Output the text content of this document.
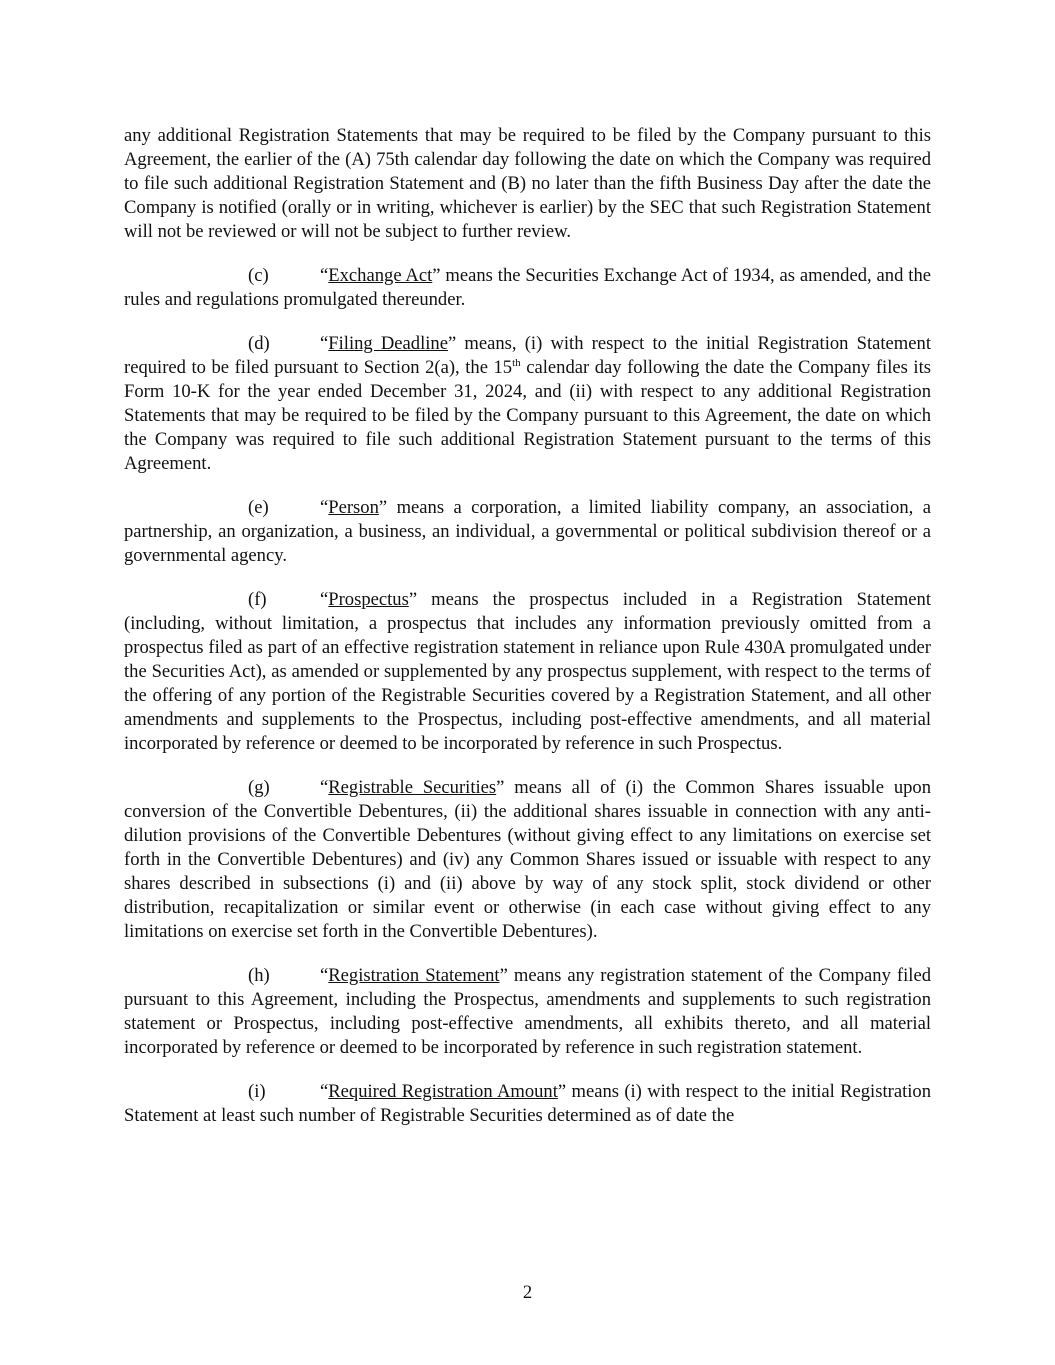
any additional Registration Statements that may be required to be filed by the Company pursuant to this Agreement, the earlier of the (A) 75th calendar day following the date on which the Company was required to file such additional Registration Statement and (B) no later than the fifth Business Day after the date the Company is notified (orally or in writing, whichever is earlier) by the SEC that such Registration Statement will not be reviewed or will not be subject to further review.

(c)	“Exchange Act” means the Securities Exchange Act of 1934, as amended, and the rules and regulations promulgated thereunder.

(d)	“Filing Deadline” means, (i) with respect to the initial Registration Statement required to be filed pursuant to Section 2(a), the 15th calendar day following the date the Company files its Form 10-K for the year ended December 31, 2024, and (ii) with respect to any additional Registration Statements that may be required to be filed by the Company pursuant to this Agreement, the date on which the Company was required to file such additional Registration Statement pursuant to the terms of this Agreement.

(e)	“Person” means a corporation, a limited liability company, an association, a partnership, an organization, a business, an individual, a governmental or political subdivision thereof or a governmental agency.

(f)	“Prospectus” means the prospectus included in a Registration Statement (including, without limitation, a prospectus that includes any information previously omitted from a prospectus filed as part of an effective registration statement in reliance upon Rule 430A promulgated under the Securities Act), as amended or supplemented by any prospectus supplement, with respect to the terms of the offering of any portion of the Registrable Securities covered by a Registration Statement, and all other amendments and supplements to the Prospectus, including post-effective amendments, and all material incorporated by reference or deemed to be incorporated by reference in such Prospectus.

(g)	“Registrable Securities” means all of (i) the Common Shares issuable upon conversion of the Convertible Debentures, (ii) the additional shares issuable in connection with any anti-dilution provisions of the Convertible Debentures (without giving effect to any limitations on exercise set forth in the Convertible Debentures) and (iv) any Common Shares issued or issuable with respect to any shares described in subsections (i) and (ii) above by way of any stock split, stock dividend or other distribution, recapitalization or similar event or otherwise (in each case without giving effect to any limitations on exercise set forth in the Convertible Debentures).

(h)	“Registration Statement” means any registration statement of the Company filed pursuant to this Agreement, including the Prospectus, amendments and supplements to such registration statement or Prospectus, including post-effective amendments, all exhibits thereto, and all material incorporated by reference or deemed to be incorporated by reference in such registration statement.

(i)	“Required Registration Amount” means (i) with respect to the initial Registration Statement at least such number of Registrable Securities determined as of date the

2
